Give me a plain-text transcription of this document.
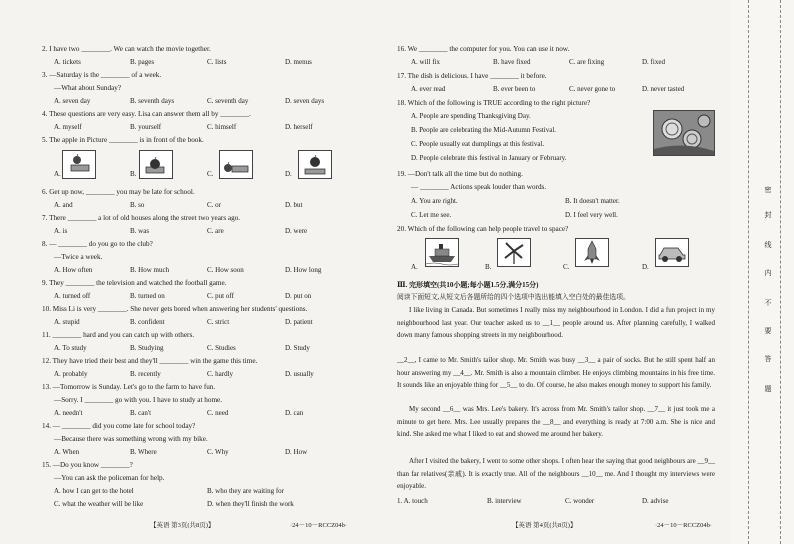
2. I have two ________. We can watch the movie together.
A. tickets	B. pages	C. lists	D. menus
3. —Saturday is the ________ of a week.
—What about Sunday?
A. seven day	B. seventh days	C. seventh day	D. seven days
4. These questions are very easy. Lisa can answer them all by ________.
A. myself	B. yourself	C. himself	D. herself
5. The apple in Picture ________ is in front of the book.
A.	B.	C.	D.
6. Get up now, ________ you may be late for school.
A. and	B. so	C. or	D. but
7. There ________ a lot of old houses along the street two years ago.
A. is	B. was	C. are	D. were
8. — ________ do you go to the club?
—Twice a week.
A. How often	B. How much	C. How soon	D. How long
9. They ________ the television and watched the football game.
A. turned off	B. turned on	C. put off	D. put on
10. Miss Li is very ________. She never gets bored when answering her students' questions.
A. stupid	B. confident	C. strict	D. patient
11. ________ hard and you can catch up with others.
A. To study	B. Studying	C. Studies	D. Study
12. They have tried their best and they'll ________ win the game this time.
A. probably	B. recently	C. hardly	D. usually
13. —Tomorrow is Sunday. Let's go to the farm to have fun.
—Sorry. I ________ go with you. I have to study at home.
A. needn't	B. can't	C. need	D. can
14. — ________ did you come late for school today?
—Because there was something wrong with my bike.
A. When	B. Where	C. Why	D. How
15. —Do you know ________?
—You can ask the policeman for help.
A. how I can get to the hotel	B. who they are waiting for
C. what the weather will be like	D. when they'll finish the work
【英语 第3页(共8页)】	·24－10－RCCZ04b·
16. We ________ the computer for you. You can use it now.
A. will fix	B. have fixed	C. are fixing	D. fixed
17. The dish is delicious. I have ________ it before.
A. ever read	B. ever been to	C. never gone to	D. never tasted
18. Which of the following is TRUE according to the right picture?
A. People are spending Thanksgiving Day.
B. People are celebrating the Mid-Autumn Festival.
C. People usually eat dumplings at this festival.
D. People celebrate this festival in January or February.
19. —Don't talk all the time but do nothing.
— ________ Actions speak louder than words.
A. You are right.	B. It doesn't matter.
C. Let me see.	D. I feel very well.
20. Which of the following can help people travel to space?
A.	B.	C.	D.
Ⅲ. 完形填空(共10小题;每小题1.5分,满分15分)
阅读下面短文,从短文后各题所给的四个选项中选出能填入空白处的最佳选项。
I like living in Canada. But sometimes I really miss my neighbourhood in London. I did a fun project in my neighbourhood last year. Our teacher asked us to __1__ people around us. After planning carefully, I walked down many famous shopping streets in my neighbourhood.
__2__, I came to Mr. Smith's tailor shop. Mr. Smith was busy __3__ a pair of socks. But he still spent half an hour answering my __4__. Mr. Smith is also a mountain climber. He enjoys climbing mountains in his free time. It sounds like an enjoyable thing for __5__ to do. Of course, he also makes enough money to support his family.
My second __6__ was Mrs. Lee's bakery. It's across from Mr. Smith's tailor shop. __7__ it just took me a minute to get here. Mrs. Lee usually prepares the __8__ and everything is ready at 7:00 a.m. She is nice and kind. She asked me what I liked to eat and showed me around her bakery.
After I visited the bakery, I went to some other shops. I often hear the saying that good neighbours are __9__ than far relatives(亲戚). It is exactly true. All of the neighbours __10__ me. And I thought my interviews were enjoyable.
1. A. touch	B. interview	C. wonder	D. advise
【英语 第4页(共8页)】	·24－10－RCCZ04b·
密
封
线
内
不
要
答
题
